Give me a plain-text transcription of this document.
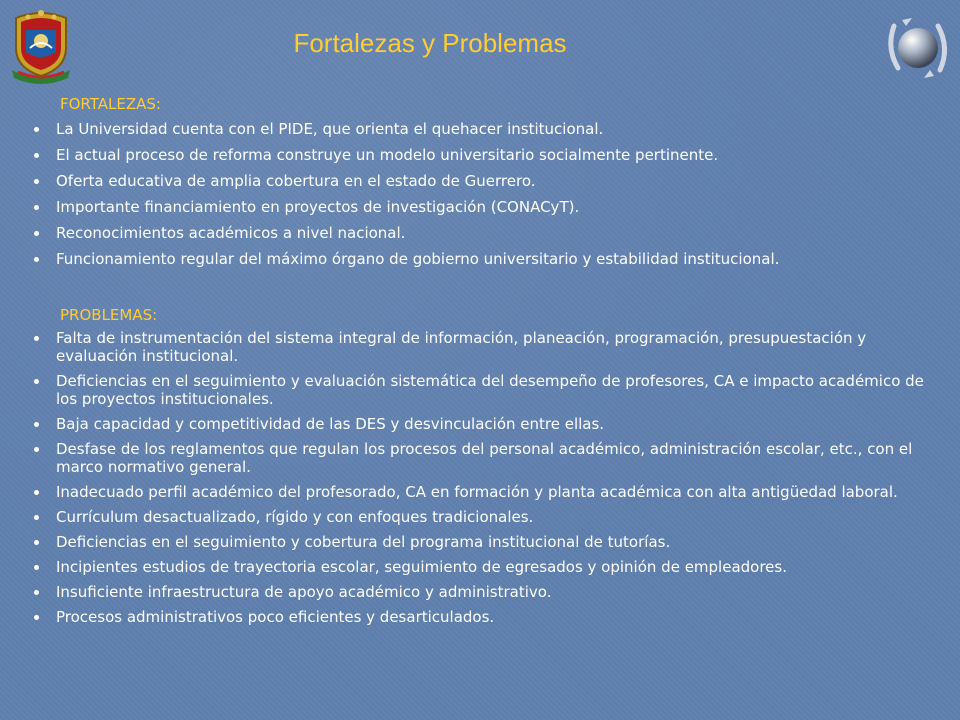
Fortalezas y Problemas
FORTALEZAS:
La Universidad cuenta con el PIDE, que orienta el quehacer institucional.
El actual proceso de reforma construye un modelo universitario socialmente pertinente.
Oferta educativa de amplia cobertura en el estado de Guerrero.
Importante financiamiento en proyectos de investigación (CONACyT).
Reconocimientos académicos a nivel nacional.
Funcionamiento regular del máximo órgano de gobierno universitario y estabilidad institucional.
PROBLEMAS:
Falta de instrumentación del sistema integral de información, planeación, programación, presupuestación y evaluación institucional.
Deficiencias en el seguimiento y evaluación sistemática del desempeño de profesores, CA e impacto académico de los proyectos institucionales.
Baja capacidad y competitividad de las DES y desvinculación entre ellas.
Desfase de los reglamentos que regulan los procesos del personal académico, administración escolar, etc., con el marco normativo general.
Inadecuado perfil académico del profesorado, CA en formación y planta académica con alta antigüedad laboral.
Currículum desactualizado, rígido y con enfoques tradicionales.
Deficiencias en el seguimiento y cobertura del programa institucional de tutorías.
Incipientes estudios de trayectoria escolar, seguimiento de egresados y opinión de empleadores.
Insuficiente infraestructura de apoyo académico y administrativo.
Procesos administrativos poco eficientes y desarticulados.
